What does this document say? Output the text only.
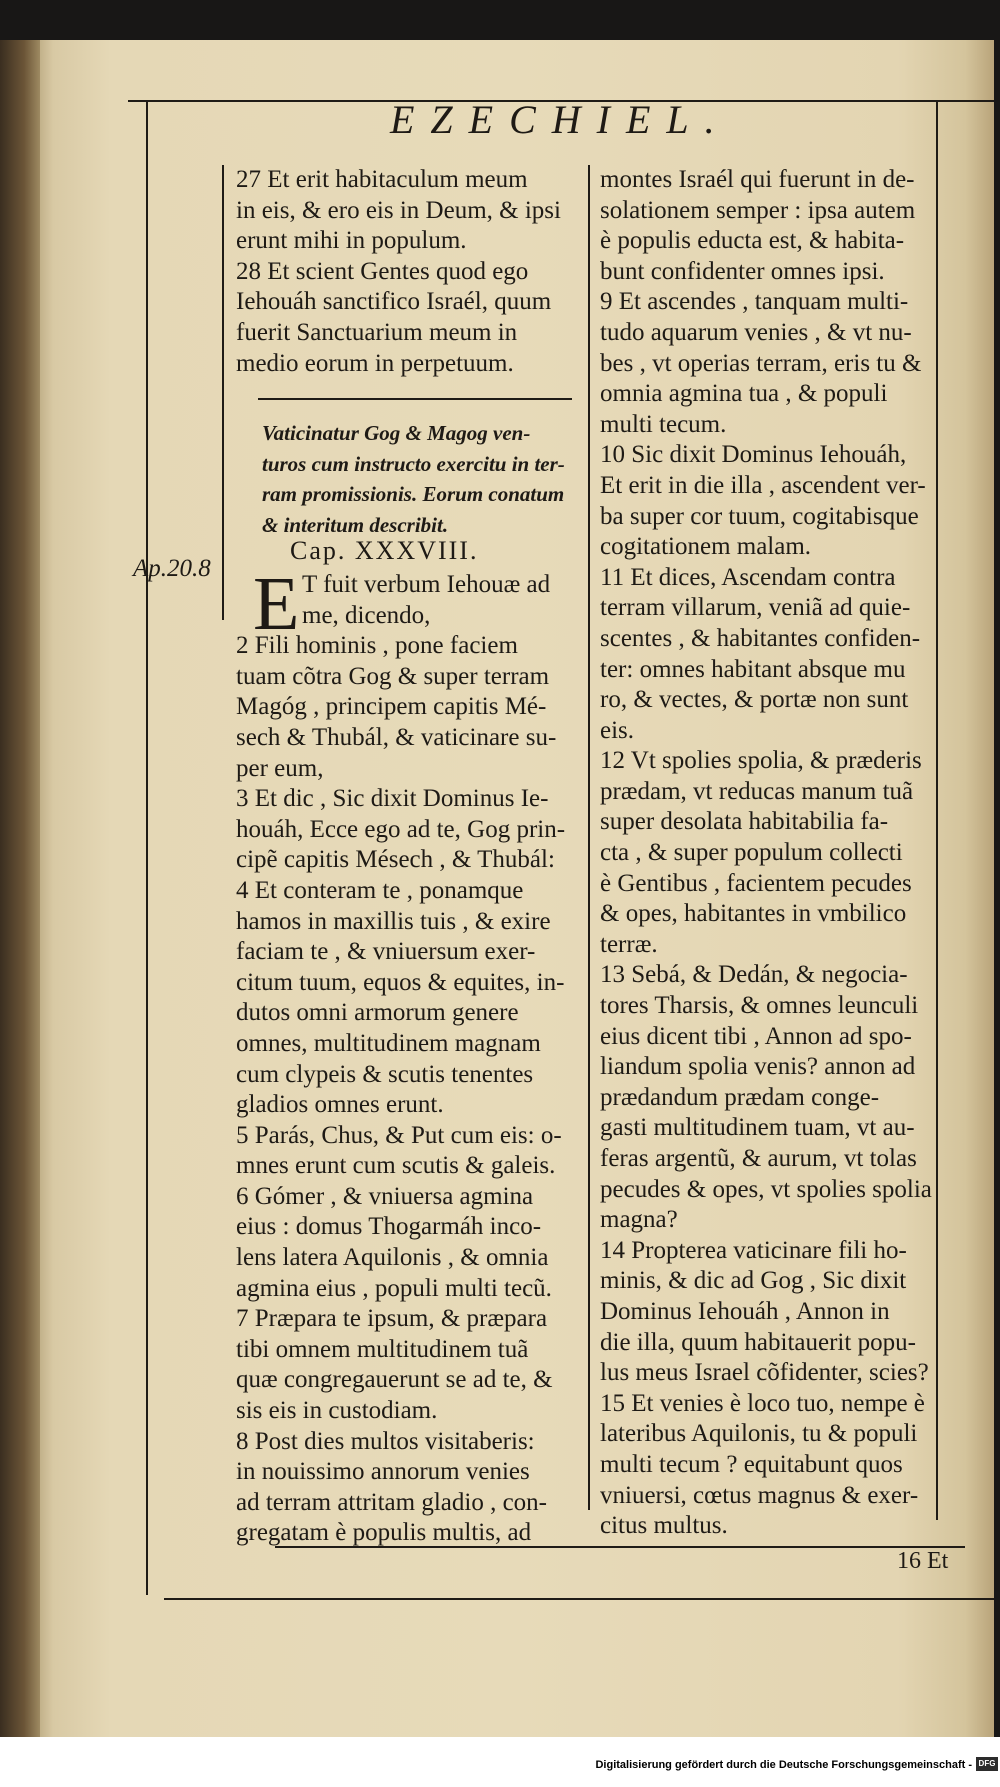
EZECHIEL.
Ap.20.8
27 Et erit habitaculum meum
in eis, & ero eis in Deum, & ipsi
erunt mihi in populum.
28 Et scient Gentes quod ego
Iehouáh sanctifico Israél, quum
fuerit Sanctuarium meum in
medio eorum in perpetuum.
Vaticinatur Gog & Magog ven-
turos cum instructo exercitu in ter-
ram promissionis. Eorum conatum
& interitum describit.
Cap. XXXVIII.
E T fuit verbum Iehouæ ad
me, dicendo,
2 Fili hominis , pone faciem
tuam cõtra Gog & super terram
Magóg , principem capitis Mé-
sech & Thubál, & vaticinare su-
per eum,
3 Et dic , Sic dixit Dominus Ie-
houáh, Ecce ego ad te, Gog prin-
cipẽ capitis Mésech , & Thubál:
4 Et conteram te , ponamque
hamos in maxillis tuis , & exire
faciam te , & vniuersum exer-
citum tuum, equos & equites, in-
dutos omni armorum genere
omnes, multitudinem magnam
cum clypeis & scutis tenentes
gladios omnes erunt.
5 Parás, Chus, & Put cum eis: o-
mnes erunt cum scutis & galeis.
6 Gómer , & vniuersa agmina
eius : domus Thogarmáh inco-
lens latera Aquilonis , & omnia
agmina eius , populi multi tecũ.
7 Præpara te ipsum, & præpara
tibi omnem multitudinem tuã
quæ congregauerunt se ad te, &
sis eis in custodiam.
8 Post dies multos visitaberis:
in nouissimo annorum venies
ad terram attritam gladio , con-
gregatam è populis multis, ad
montes Israél qui fuerunt in de-
solationem semper : ipsa autem
è populis educta est, & habita-
bunt confidenter omnes ipsi.
9 Et ascendes , tanquam multi-
tudo aquarum venies , & vt nu-
bes , vt operias terram, eris tu &
omnia agmina tua , & populi
multi tecum.
10 Sic dixit Dominus Iehouáh,
Et erit in die illa , ascendent ver-
ba super cor tuum, cogitabisque
cogitationem malam.
11 Et dices, Ascendam contra
terram villarum, veniã ad quie-
scentes , & habitantes confiden-
ter: omnes habitant absque mu
ro, & vectes, & portæ non sunt
eis.
12 Vt spolies spolia, & præderis
prædam, vt reducas manum tuã
super desolata habitabilia fa-
cta , & super populum collecti
è Gentibus , facientem pecudes
& opes, habitantes in vmbilico
terræ.
13 Sebá, & Dedán, & negocia-
tores Tharsis, & omnes leunculi
eius dicent tibi , Annon ad spo-
liandum spolia venis? annon ad
prædandum prædam conge-
gasti multitudinem tuam, vt au-
feras argentũ, & aurum, vt tolas
pecudes & opes, vt spolies spolia
magna?
14 Propterea vaticinare fili ho-
minis, & dic ad Gog , Sic dixit
Dominus Iehouáh , Annon in
die illa, quum habitauerit popu-
lus meus Israel cõfidenter, scies?
15 Et venies è loco tuo, nempe è
lateribus Aquilonis, tu & populi
multi tecum ? equitabunt quos
vniuersi, cœtus magnus & exer-
citus multus.
16 Et
Digitalisierung gefördert durch die Deutsche Forschungsgemeinschaft - DFG
